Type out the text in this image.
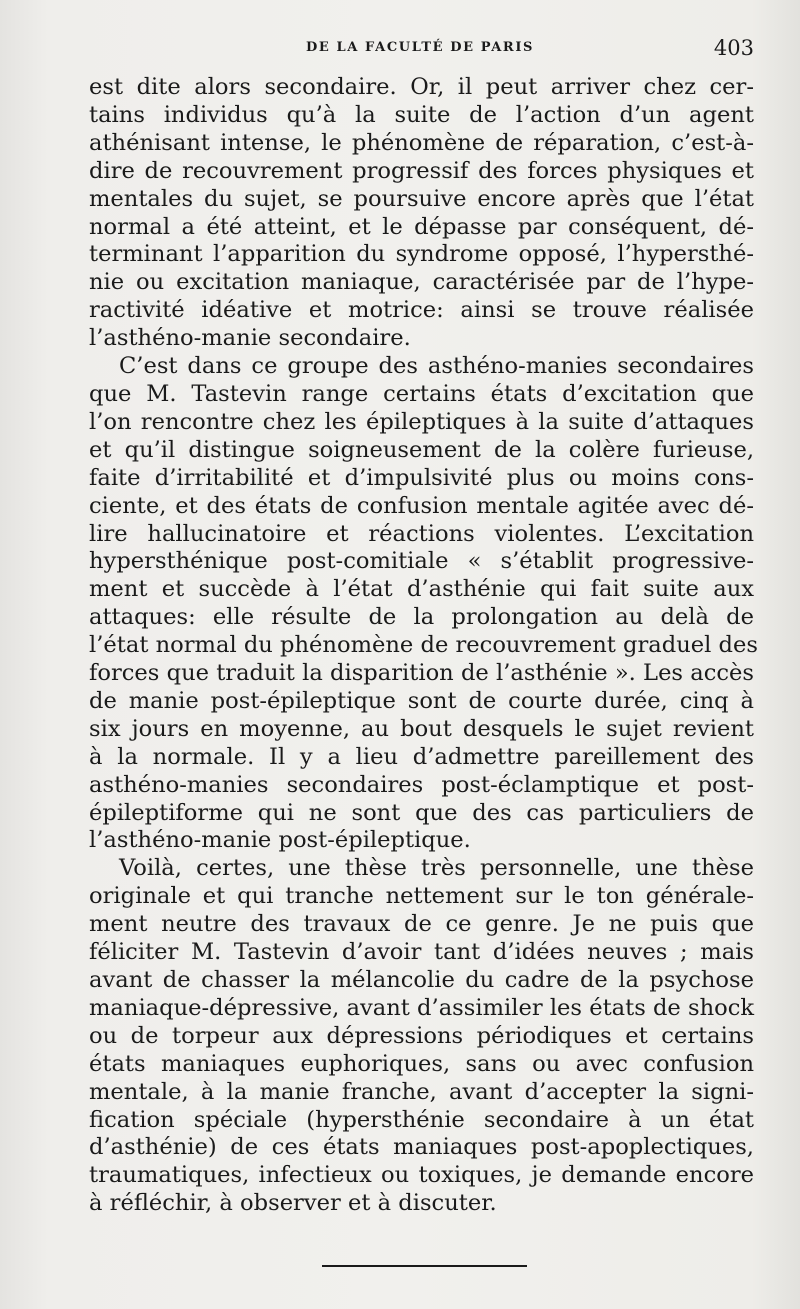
DE LA FACULTÉ DE PARIS	403
est dite alors secondaire. Or, il peut arriver chez cer-
tains individus qu’à la suite de l’action d’un agent
athénisant intense, le phénomène de réparation, c’est-à-
dire de recouvrement progressif des forces physiques et
mentales du sujet, se poursuive encore après que l’état
normal a été atteint, et le dépasse par conséquent, dé-
terminant l’apparition du syndrome opposé, l’hypersthé-
nie ou excitation maniaque, caractérisée par de l’hype-
ractivité idéative et motrice: ainsi se trouve réalisée
l’asthéno-manie secondaire.
C’est dans ce groupe des asthéno-manies secondaires
que M. Tastevin range certains états d’excitation que
l’on rencontre chez les épileptiques à la suite d’attaques
et qu’il distingue soigneusement de la colère furieuse,
faite d’irritabilité et d’impulsivité plus ou moins cons-
ciente, et des états de confusion mentale agitée avec dé-
lire hallucinatoire et réactions violentes. L’excitation
hypersthénique post-comitiale « s’établit progressive-
ment et succède à l’état d’asthénie qui fait suite aux
attaques: elle résulte de la prolongation au delà de
l’état normal du phénomène de recouvrement graduel des
forces que traduit la disparition de l’asthénie ». Les accès
de manie post-épileptique sont de courte durée, cinq à
six jours en moyenne, au bout desquels le sujet revient
à la normale. Il y a lieu d’admettre pareillement des
asthéno-manies secondaires post-éclamptique et post-
épileptiforme qui ne sont que des cas particuliers de
l’asthéno-manie post-épileptique.
Voilà, certes, une thèse très personnelle, une thèse
originale et qui tranche nettement sur le ton générale-
ment neutre des travaux de ce genre. Je ne puis que
féliciter M. Tastevin d’avoir tant d’idées neuves ; mais
avant de chasser la mélancolie du cadre de la psychose
maniaque-dépressive, avant d’assimiler les états de shock
ou de torpeur aux dépressions périodiques et certains
états maniaques euphoriques, sans ou avec confusion
mentale, à la manie franche, avant d’accepter la signi-
fication spéciale (hypersthénie secondaire à un état
d’asthénie) de ces états maniaques post-apoplectiques,
traumatiques, infectieux ou toxiques, je demande encore
à réfléchir, à observer et à discuter.
